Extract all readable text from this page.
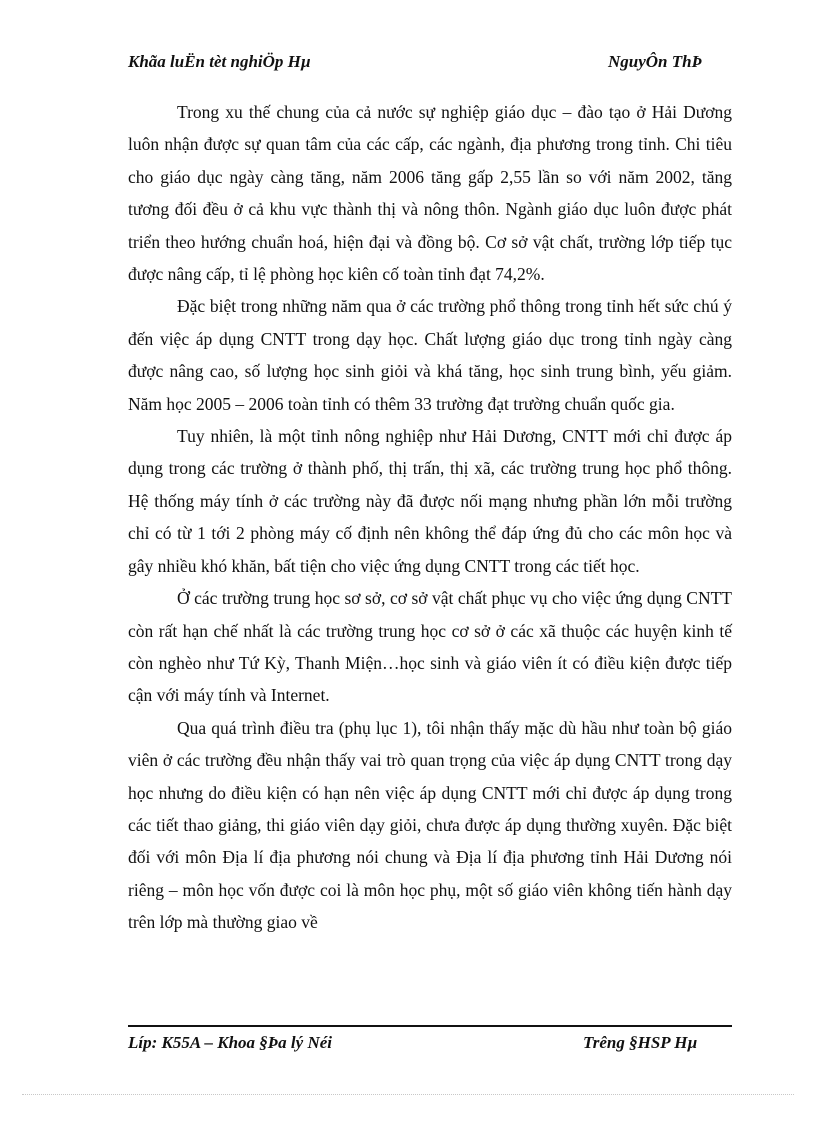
Khãa luËn tèt nghiÖp Hµ	NguyÔn ThÞ

Trong xu thế chung của cả nước sự nghiệp giáo dục – đào tạo ở Hải Dương luôn nhận được sự quan tâm của các cấp, các ngành, địa phương trong tỉnh. Chi tiêu cho giáo dục ngày càng tăng, năm 2006 tăng gấp 2,55 lần so với năm 2002, tăng tương đối đều ở cả khu vực thành thị và nông thôn. Ngành giáo dục luôn được phát triển theo hướng chuẩn hoá, hiện đại và đồng bộ. Cơ sở vật chất, trường lớp tiếp tục được nâng cấp, tỉ lệ phòng học kiên cố toàn tỉnh đạt 74,2%.

Đặc biệt trong những năm qua ở các trường phổ thông trong tỉnh hết sức chú ý đến việc áp dụng CNTT trong dạy học. Chất lượng giáo dục trong tỉnh ngày càng được nâng cao, số lượng học sinh giỏi và khá tăng, học sinh trung bình, yếu giảm. Năm học 2005 – 2006 toàn tỉnh có thêm 33 trường đạt trường chuẩn quốc gia.

Tuy nhiên, là một tỉnh nông nghiệp như Hải Dương, CNTT mới chỉ được áp dụng trong các trường ở thành phố, thị trấn, thị xã, các trường trung học phổ thông. Hệ thống máy tính ở các trường này đã được nối mạng nhưng phần lớn mỗi trường chỉ có từ 1 tới 2 phòng máy cố định nên không thể đáp ứng đủ cho các môn học và gây nhiều khó khăn, bất tiện cho việc ứng dụng CNTT trong các tiết học.

Ở các trường trung học sơ sở, cơ sở vật chất phục vụ cho việc ứng dụng CNTT còn rất hạn chế nhất là các trường trung học cơ sở ở các xã thuộc các huyện kinh tế còn nghèo như Tứ Kỳ, Thanh Miện…học sinh và giáo viên ít có điều kiện được tiếp cận với máy tính và Internet.

Qua quá trình điều tra (phụ lục 1), tôi nhận thấy mặc dù hầu như toàn bộ giáo viên ở các trường đều nhận thấy vai trò quan trọng của việc áp dụng CNTT trong dạy học nhưng do điều kiện có hạn nên việc áp dụng CNTT mới chỉ được áp dụng trong các tiết thao giảng, thi giáo viên dạy giỏi, chưa được áp dụng thường xuyên. Đặc biệt đối với môn Địa lí địa phương nói chung và Địa lí địa phương tỉnh Hải Dương nói riêng – môn học vốn được coi là môn học phụ, một số giáo viên không tiến hành dạy trên lớp mà thường giao về

Líp: K55A – Khoa §Þa lý Néi	Trêng §HSP Hµ
